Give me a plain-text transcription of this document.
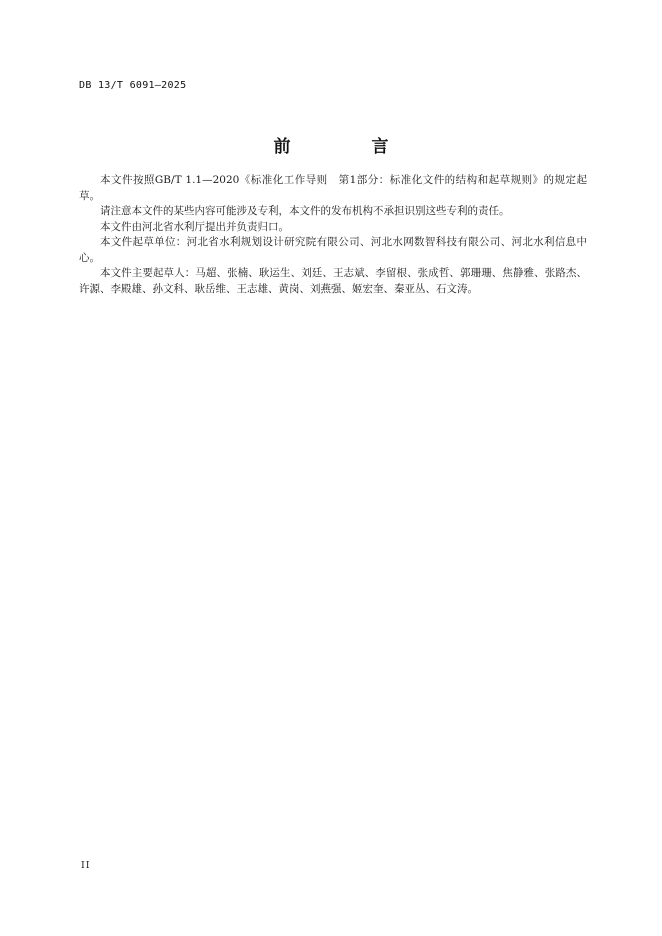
DB 13/T 6091—2025
前　言

本文件按照GB/T 1.1—2020《标准化工作导则　第1部分：标准化文件的结构和起草规则》的规定起草。

请注意本文件的某些内容可能涉及专利，本文件的发布机构不承担识别这些专利的责任。

本文件由河北省水利厅提出并负责归口。

本文件起草单位：河北省水利规划设计研究院有限公司、河北水网数智科技有限公司、河北水利信息中心。

本文件主要起草人：马超、张楠、耿运生、刘廷、王志斌、李留根、张成哲、郭珊珊、焦静雅、张路杰、许源、李殿雄、孙文科、耿岳维、王志雄、黄岗、刘燕强、姬宏奎、秦亚丛、石文涛。

II
